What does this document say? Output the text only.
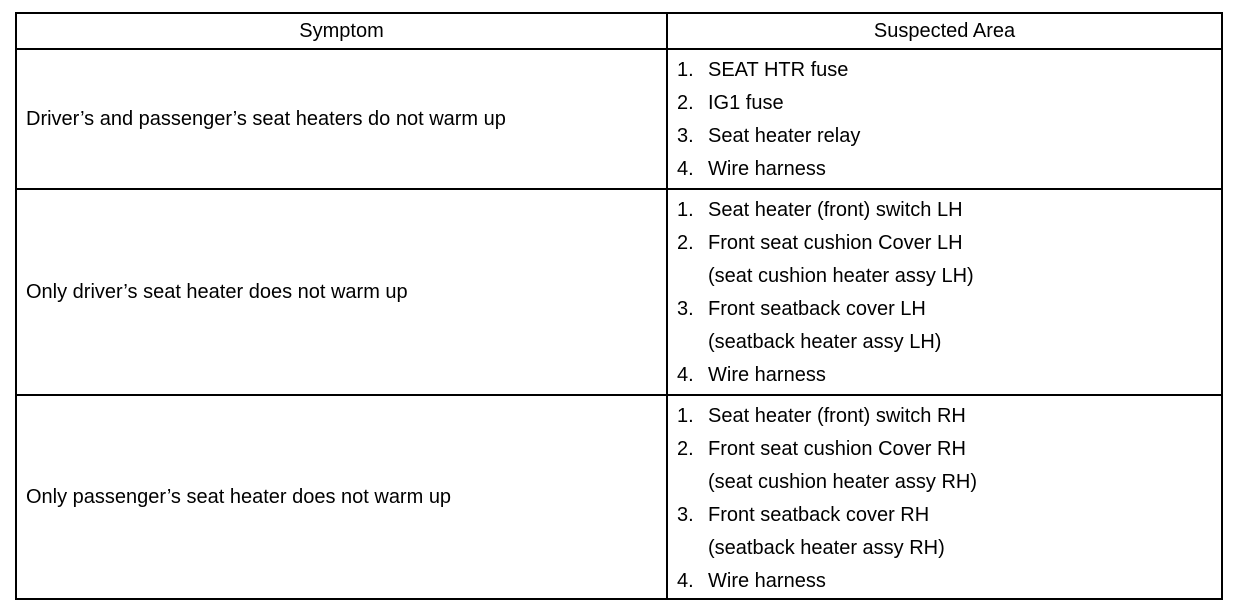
Symptom	Suspected Area
Driver’s and passenger’s seat heaters do not warm up
1. SEAT HTR fuse
2. IG1 fuse
3. Seat heater relay
4. Wire harness
Only driver’s seat heater does not warm up
1. Seat heater (front) switch LH
2. Front seat cushion Cover LH
(seat cushion heater assy LH)
3. Front seatback cover LH
(seatback heater assy LH)
4. Wire harness
Only passenger’s seat heater does not warm up
1. Seat heater (front) switch RH
2. Front seat cushion Cover RH
(seat cushion heater assy RH)
3. Front seatback cover RH
(seatback heater assy RH)
4. Wire harness
